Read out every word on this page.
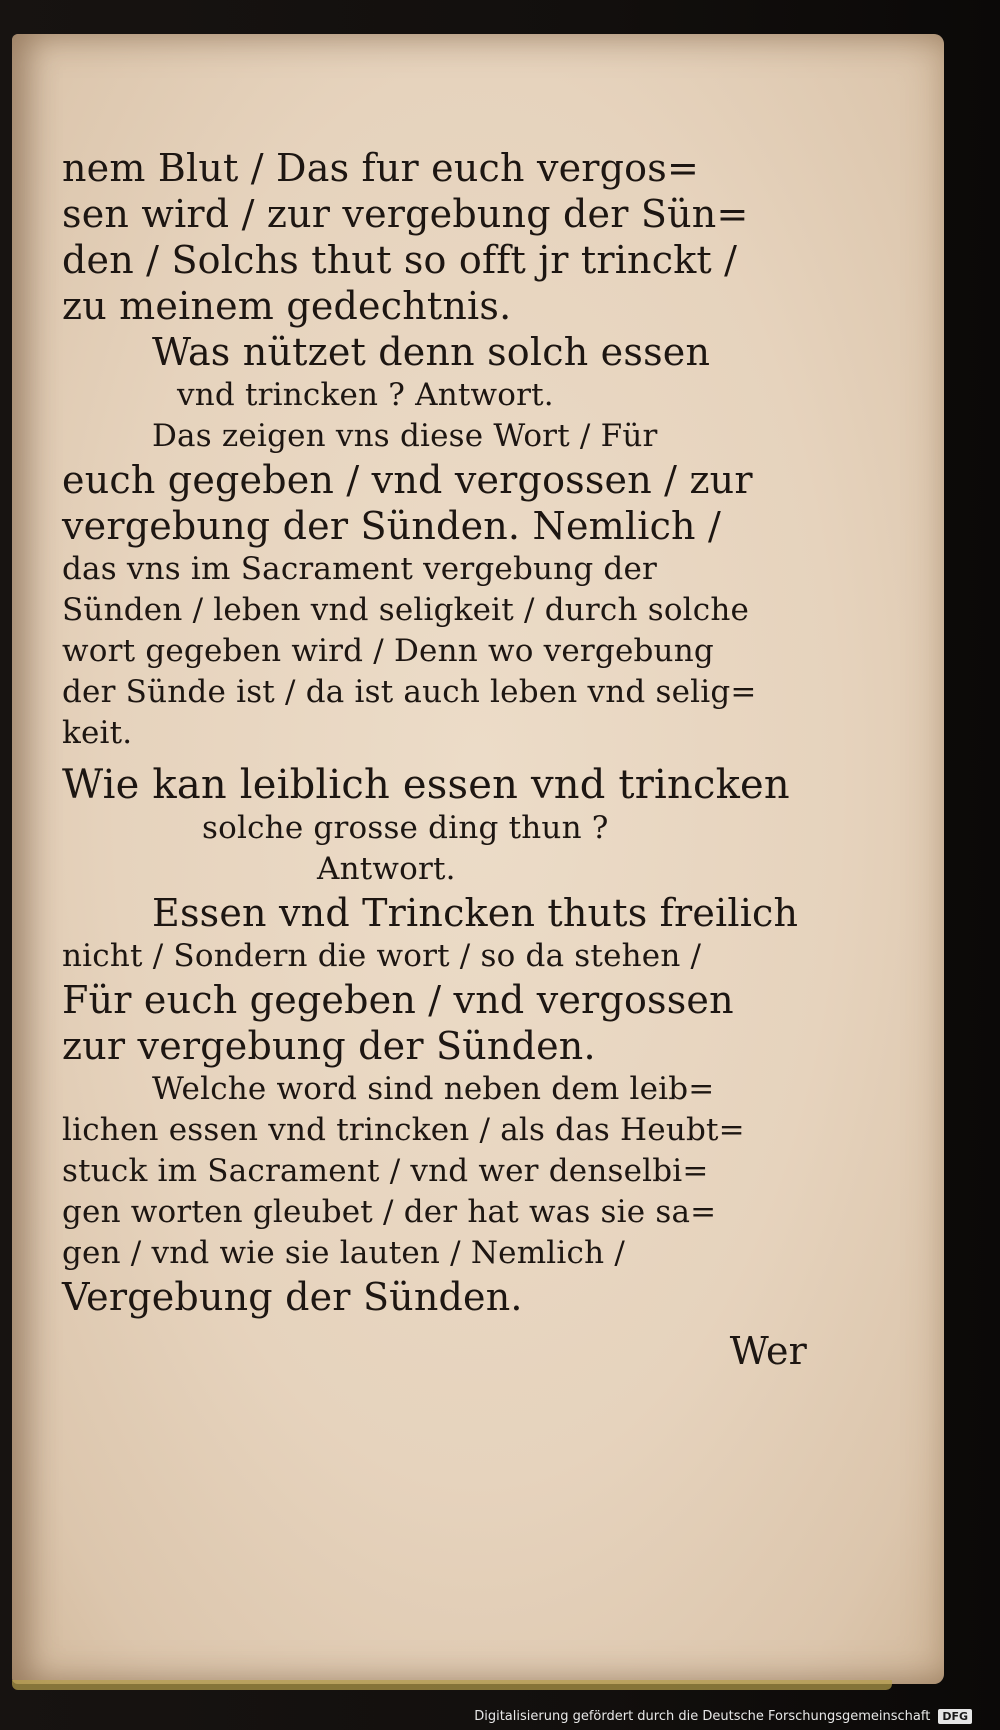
nem Blut / Das fur euch vergos=
sen wird / zur vergebung der Sün=
den / Solchs thut so offt jr trinckt /
zu meinem gedechtnis.
Was nützet denn solch essen
vnd trincken ? Antwort.
Das zeigen vns diese Wort / Für
euch gegeben / vnd vergossen / zur
vergebung der Sünden. Nemlich /
das vns im Sacrament vergebung der
Sünden / leben vnd seligkeit / durch solche
wort gegeben wird / Denn wo vergebung
der Sünde ist / da ist auch leben vnd selig=
keit.
Wie kan leiblich essen vnd trincken
solche grosse ding thun ?
Antwort.
Essen vnd Trincken thuts freilich
nicht / Sondern die wort / so da stehen /
Für euch gegeben / vnd vergossen
zur vergebung der Sünden.
Welche word sind neben dem leib=
lichen essen vnd trincken / als das Heubt=
stuck im Sacrament / vnd wer denselbi=
gen worten gleubet / der hat was sie sa=
gen / vnd wie sie lauten / Nemlich /
Vergebung der Sünden.
Wer
Digitalisierung gefördert durch die Deutsche Forschungsgemeinschaft	DFG
